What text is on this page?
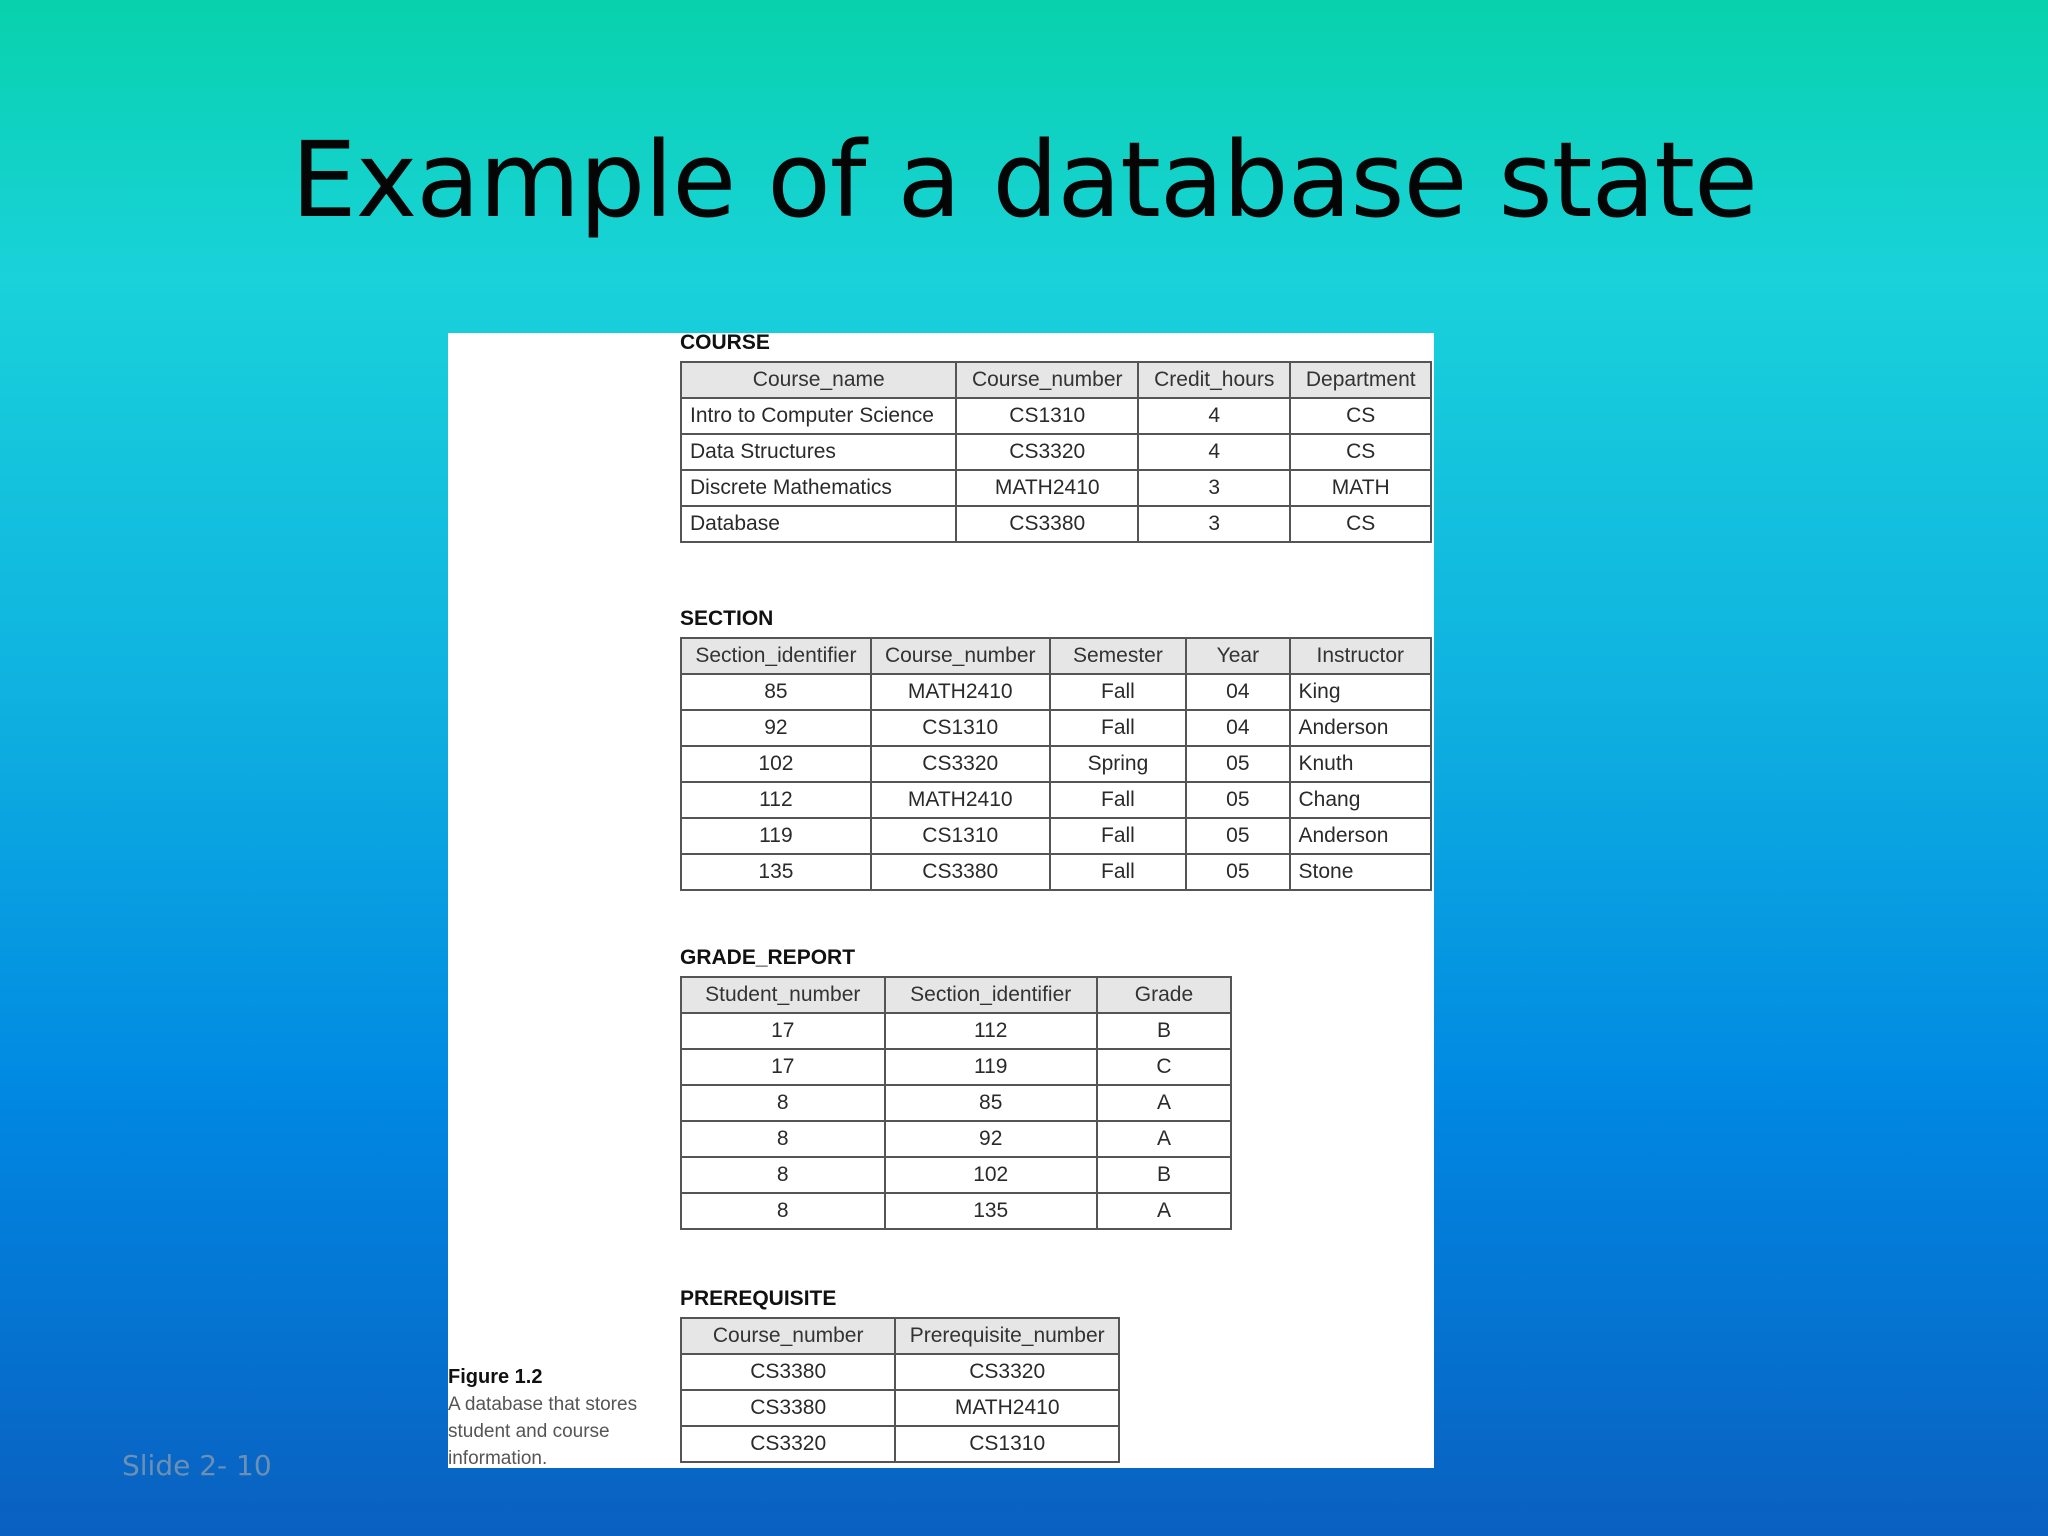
Example of a database state
COURSE
Course_name	Course_number	Credit_hours	Department
Intro to Computer Science	CS1310	4	CS
Data Structures	CS3320	4	CS
Discrete Mathematics	MATH2410	3	MATH
Database	CS3380	3	CS
SECTION
Section_identifier	Course_number	Semester	Year	Instructor
85	MATH2410	Fall	04	King
92	CS1310	Fall	04	Anderson
102	CS3320	Spring	05	Knuth
112	MATH2410	Fall	05	Chang
119	CS1310	Fall	05	Anderson
135	CS3380	Fall	05	Stone
GRADE_REPORT
Student_number	Section_identifier	Grade
17	112	B
17	119	C
8	85	A
8	92	A
8	102	B
8	135	A
PREREQUISITE
Course_number	Prerequisite_number
CS3380	CS3320
CS3380	MATH2410
CS3320	CS1310
Figure 1.2
A database that stores student and course information.
Slide 2- 10
